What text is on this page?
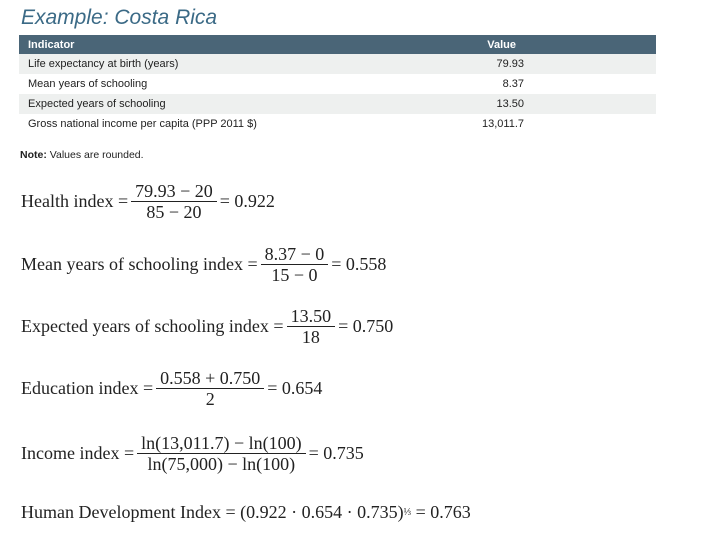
Example: Costa Rica
Indicator	Value
Life expectancy at birth (years)	79.93
Mean years of schooling	8.37
Expected years of schooling	13.50
Gross national income per capita (PPP 2011 $)	13,011.7
Note: Values are rounded.
Health index = $\frac{79.93 - 20}{85 - 20} = 0.922$
Mean years of schooling index = $\frac{8.37 - 0}{15 - 0} = 0.558$
Expected years of schooling index = $\frac{13.50}{18} = 0.750$
Education index = $\frac{0.558 + 0.750}{2} = 0.654$
Income index = $\frac{\ln(13,011.7) - \ln(100)}{\ln(75,000) - \ln(100)} = 0.735$
Human Development Index = (0.922 · 0.654 · 0.735) ⅓ = 0.763
